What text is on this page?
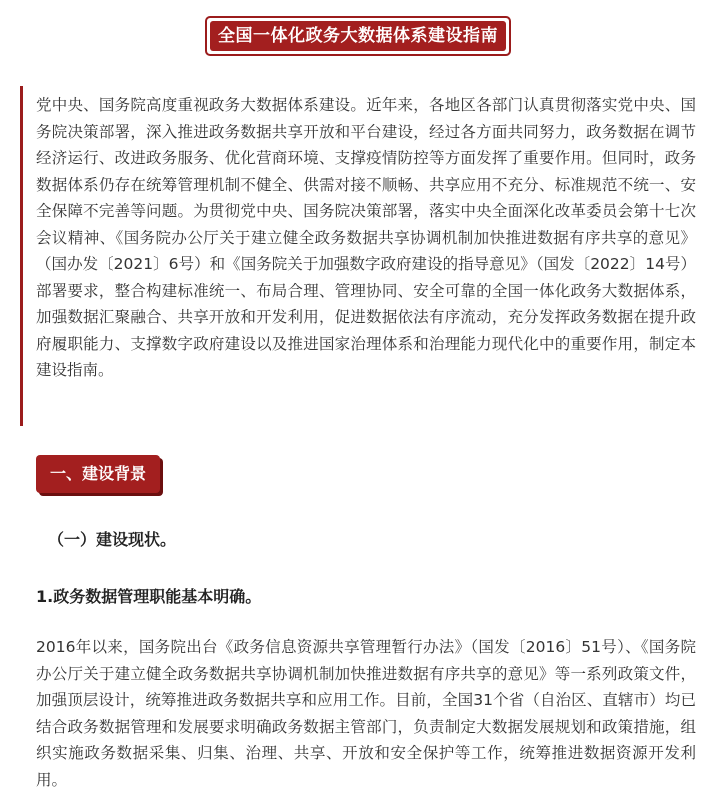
全国一体化政务大数据体系建设指南

党中央、国务院高度重视政务大数据体系建设。近年来，各地区各部门认真贯彻落实党中央、国务院决策部署，深入推进政务数据共享开放和平台建设，经过各方面共同努力，政务数据在调节经济运行、改进政务服务、优化营商环境、支撑疫情防控等方面发挥了重要作用。但同时，政务数据体系仍存在统筹管理机制不健全、供需对接不顺畅、共享应用不充分、标准规范不统一、安全保障不完善等问题。为贯彻党中央、国务院决策部署，落实中央全面深化改革委员会第十七次会议精神、《国务院办公厅关于建立健全政务数据共享协调机制加快推进数据有序共享的意见》（国办发〔2021〕6号）和《国务院关于加强数字政府建设的指导意见》（国发〔2022〕14号）部署要求，整合构建标准统一、布局合理、管理协同、安全可靠的全国一体化政务大数据体系，加强数据汇聚融合、共享开放和开发利用，促进数据依法有序流动，充分发挥政务数据在提升政府履职能力、支撑数字政府建设以及推进国家治理体系和治理能力现代化中的重要作用，制定本建设指南。

一、建设背景

（一）建设现状。

1.政务数据管理职能基本明确。

2016年以来，国务院出台《政务信息资源共享管理暂行办法》（国发〔2016〕51号）、《国务院办公厅关于建立健全政务数据共享协调机制加快推进数据有序共享的意见》等一系列政策文件，加强顶层设计，统筹推进政务数据共享和应用工作。目前，全国31个省（自治区、直辖市）均已结合政务数据管理和发展要求明确政务数据主管部门，负责制定大数据发展规划和政策措施，组织实施政务数据采集、归集、治理、共享、开放和安全保护等工作，统筹推进数据资源开发利用。
